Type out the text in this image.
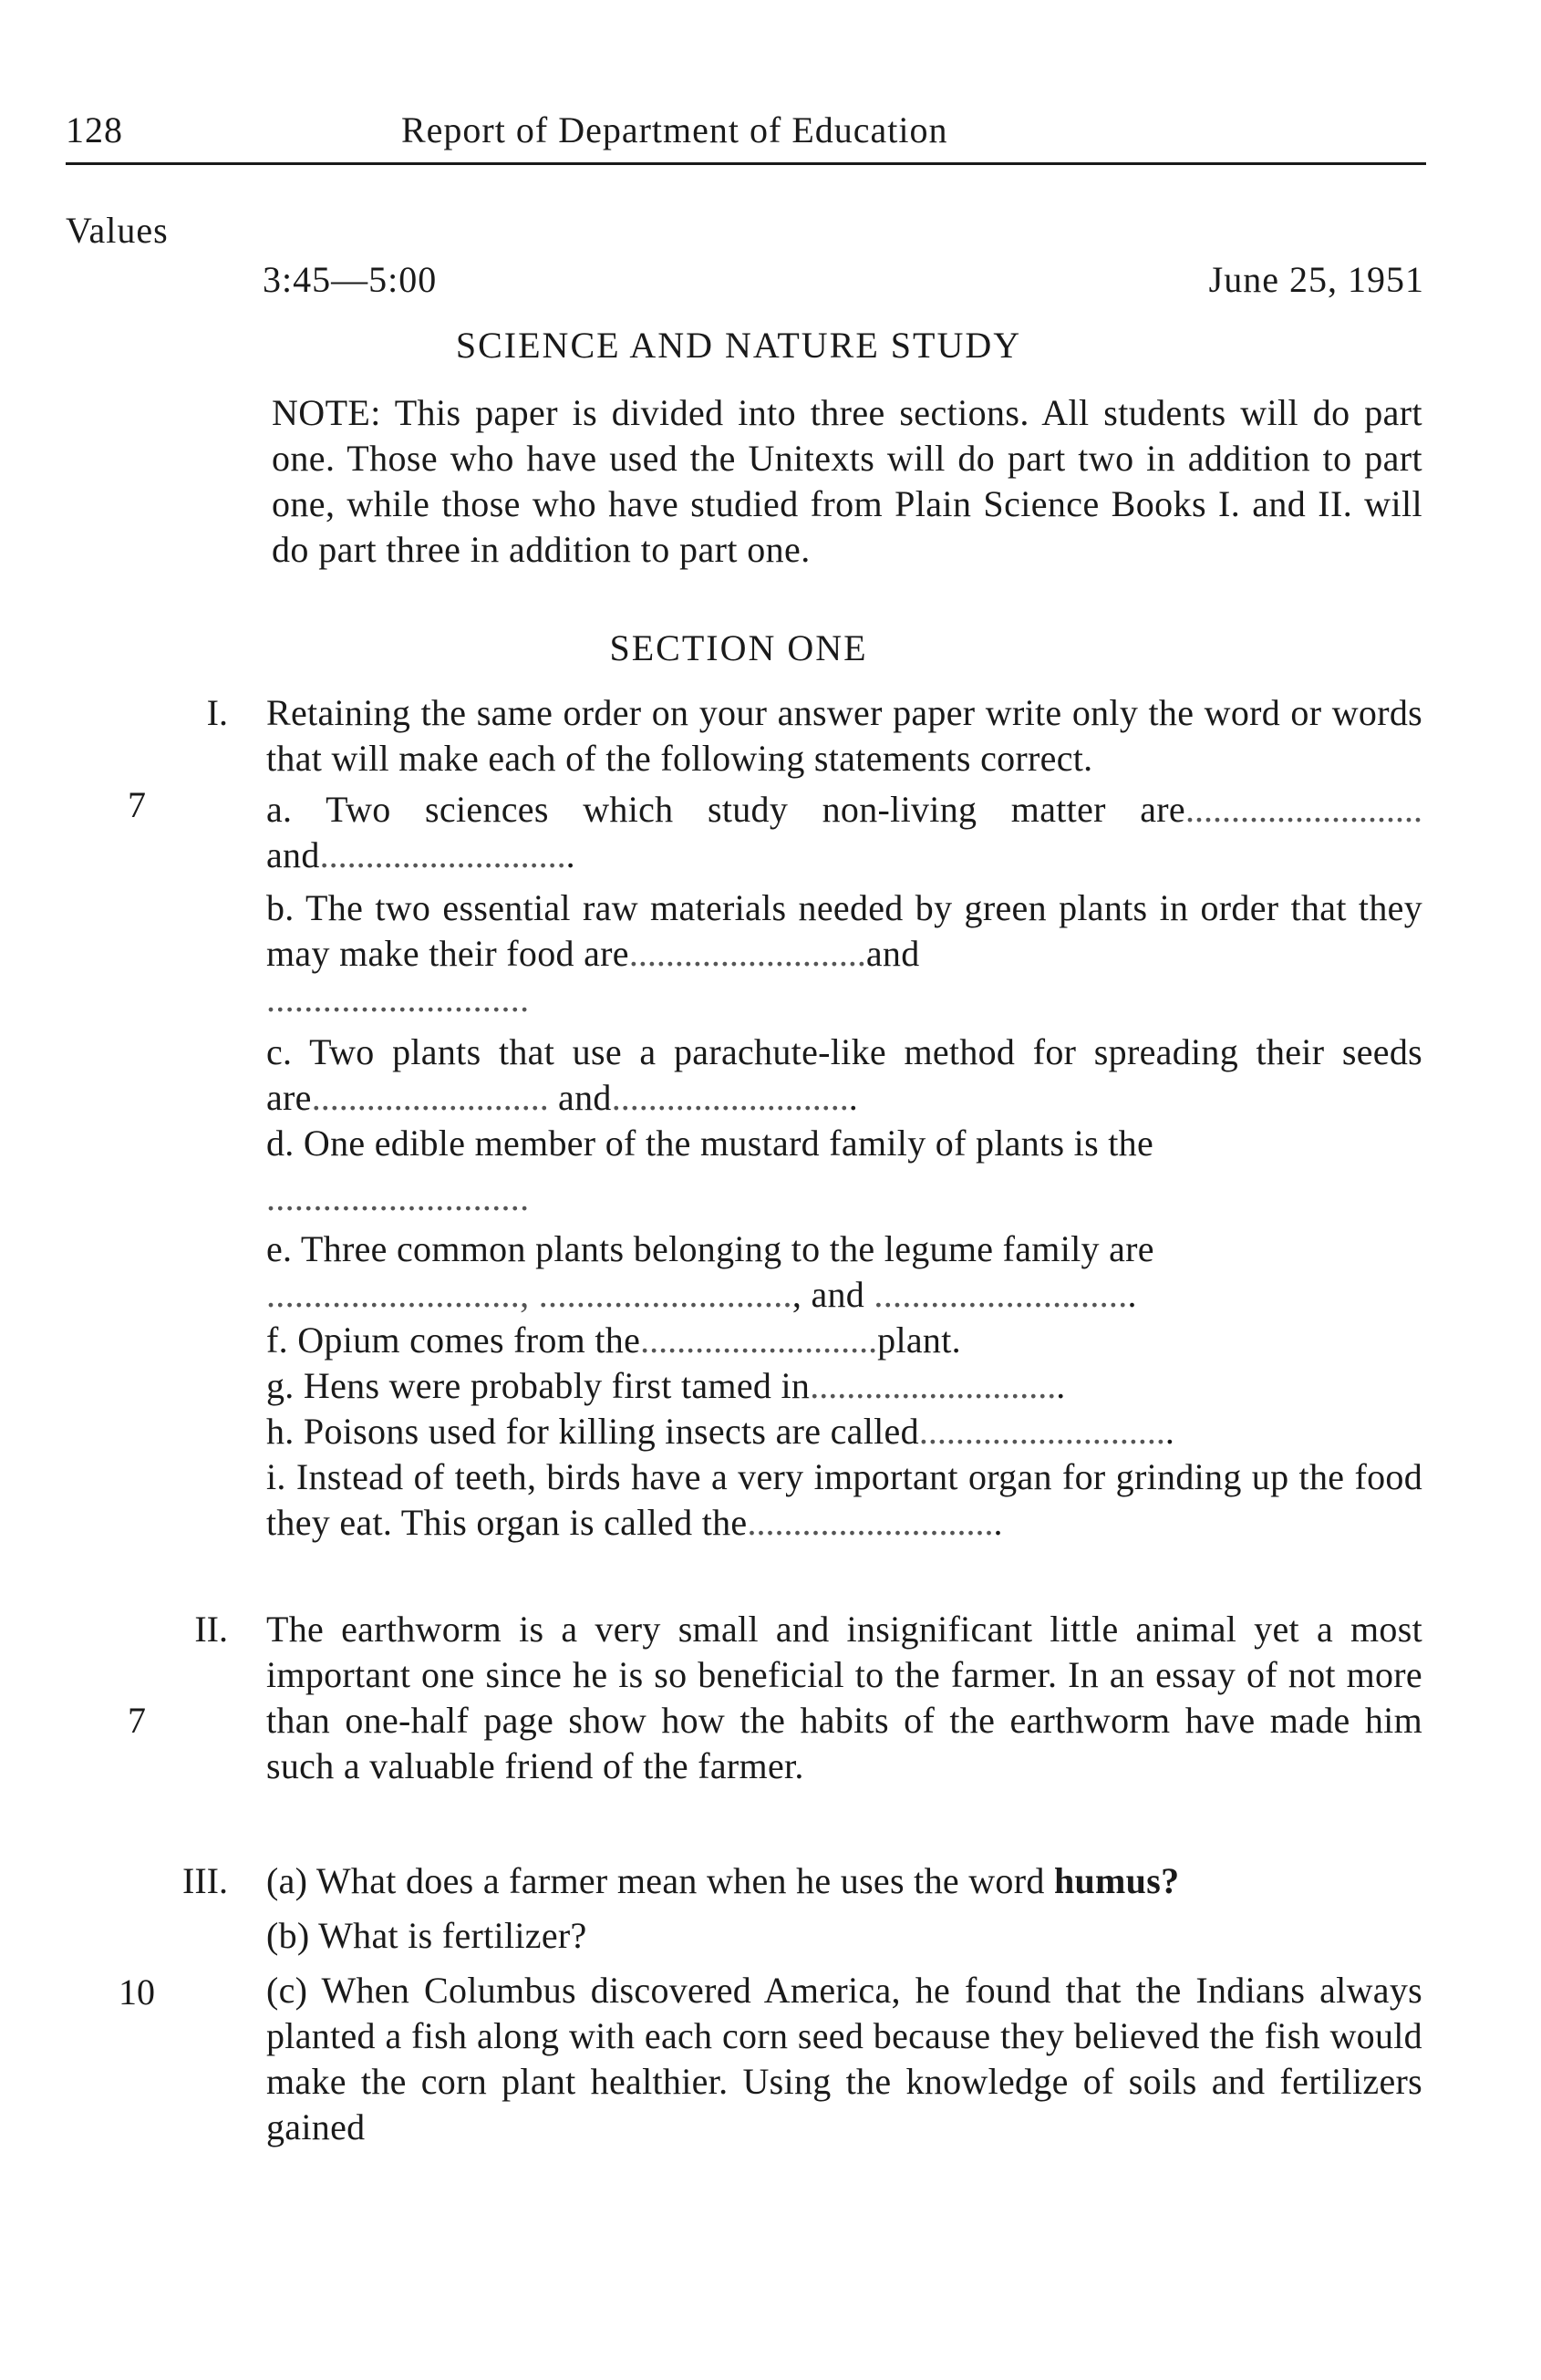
128	Report of Department of Education
Values
3:45—5:00	June 25, 1951
SCIENCE AND NATURE STUDY
NOTE: This paper is divided into three sections. All students will do part one. Those who have used the Unitexts will do part two in addition to part one, while those who have studied from Plain Science Books I. and II. will do part three in addition to part one.
SECTION ONE
I.
7
Retaining the same order on your answer paper write only the word or words that will make each of the following statements correct.
a. Two sciences which study non-living matter are.......................... and............................
b. The two essential raw materials needed by green plants in order that they may make their food are..........................and
............................
c. Two plants that use a parachute-like method for spreading their seeds are.......................... and...........................
d. One edible member of the mustard family of plants is the
............................
e. Three common plants belonging to the legume family are
..........................., ..........................., and ............................
f. Opium comes from the..........................plant.
g. Hens were probably first tamed in............................
h. Poisons used for killing insects are called............................
i. Instead of teeth, birds have a very important organ for grinding up the food they eat. This organ is called the............................
II.
7
The earthworm is a very small and insignificant little animal yet a most important one since he is so beneficial to the farmer. In an essay of not more than one-half page show how the habits of the earthworm have made him such a valuable friend of the farmer.
III.
10
(a) What does a farmer mean when he uses the word humus?
(b) What is fertilizer?
(c) When Columbus discovered America, he found that the Indians always planted a fish along with each corn seed because they believed the fish would make the corn plant healthier. Using the knowledge of soils and fertilizers gained
